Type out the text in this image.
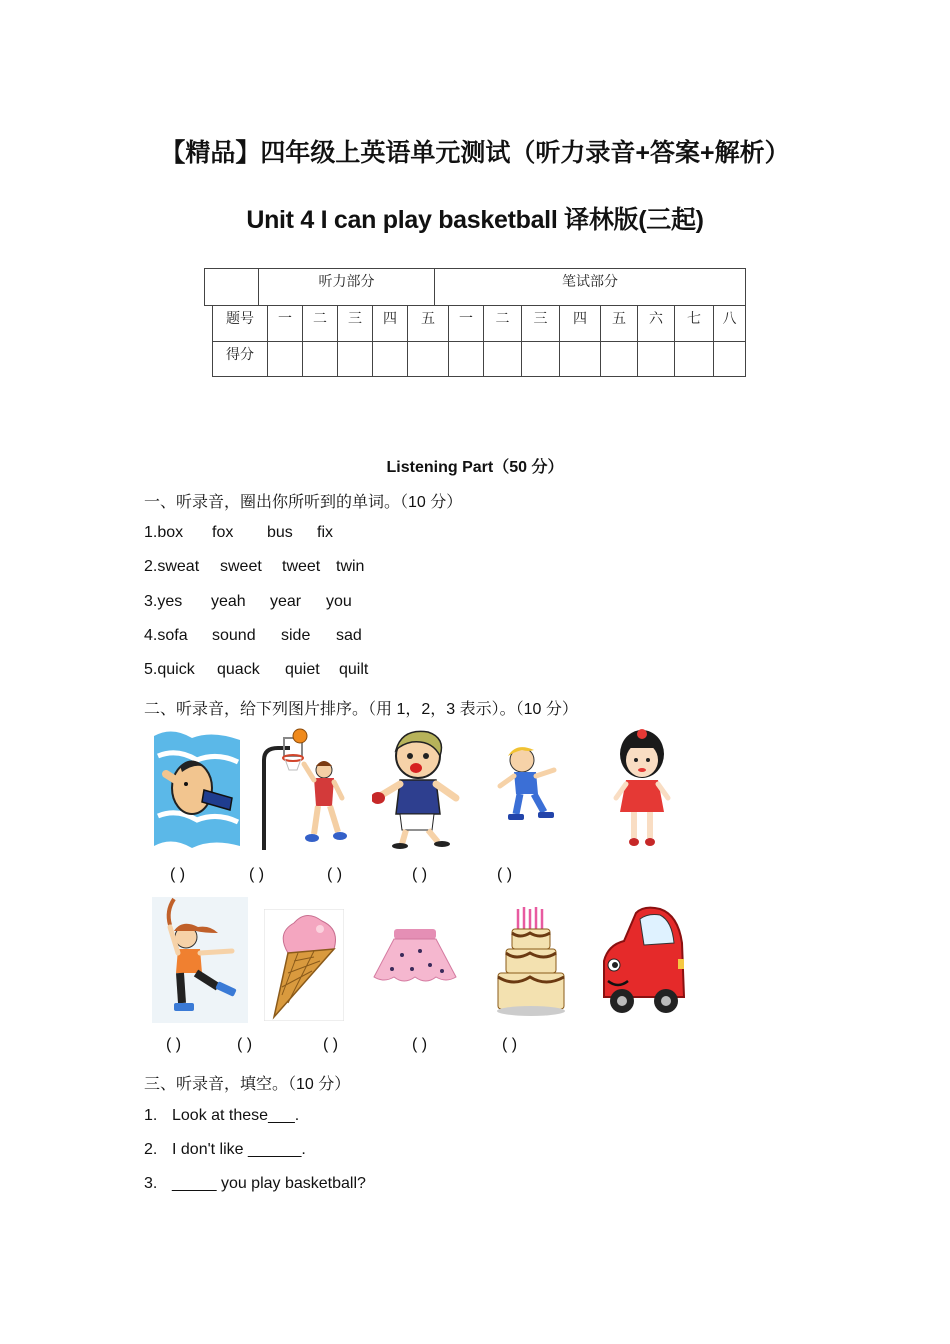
【精品】四年级上英语单元测试（听力录音+答案+解析）
Unit 4 I can play basketball 译林版(三起)
	听力部分	笔试部分
题号	一	二	三	四	五	一	二	三	四	五	六	七	八
得分													
Listening Part（50 分）
一、听录音，圈出你所听到的单词。（10 分）
1.box fox bus fix
2.sweat sweet tweet twin
3.yes yeah year you
4.sofa sound side sad
5.quick quack quiet quilt
二、听录音，给下列图片排序。（用 1，2，3 表示）。（10 分）
( )	( )	( )	( )	( )
( )	( )	( )	( )	( )
三、听录音，填空。（10 分）
1. Look at these___.
2. I don't like ______.
3. _____ you play basketball?
